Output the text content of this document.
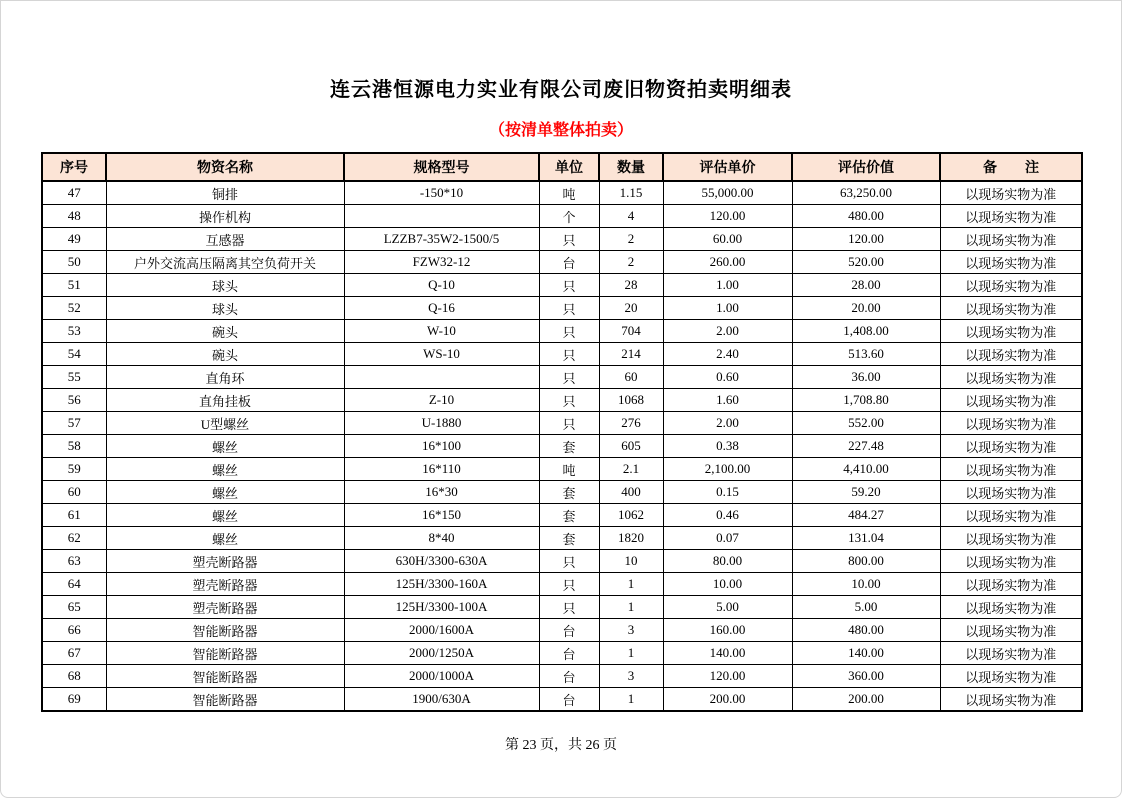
连云港恒源电力实业有限公司废旧物资拍卖明细表
（按清单整体拍卖）
序号	物资名称	规格型号	单位	数量	评估单价	评估价值	备　　注
47	铜排	-150*10	吨	1.15	55,000.00	63,250.00	以现场实物为准
48	操作机构		个	4	120.00	480.00	以现场实物为准
49	互感器	LZZB7-35W2-1500/5	只	2	60.00	120.00	以现场实物为准
50	户外交流高压隔离其空负荷开关	FZW32-12	台	2	260.00	520.00	以现场实物为准
51	球头	Q-10	只	28	1.00	28.00	以现场实物为准
52	球头	Q-16	只	20	1.00	20.00	以现场实物为准
53	碗头	W-10	只	704	2.00	1,408.00	以现场实物为准
54	碗头	WS-10	只	214	2.40	513.60	以现场实物为准
55	直角环		只	60	0.60	36.00	以现场实物为准
56	直角挂板	Z-10	只	1068	1.60	1,708.80	以现场实物为准
57	U型螺丝	U-1880	只	276	2.00	552.00	以现场实物为准
58	螺丝	16*100	套	605	0.38	227.48	以现场实物为准
59	螺丝	16*110	吨	2.1	2,100.00	4,410.00	以现场实物为准
60	螺丝	16*30	套	400	0.15	59.20	以现场实物为准
61	螺丝	16*150	套	1062	0.46	484.27	以现场实物为准
62	螺丝	8*40	套	1820	0.07	131.04	以现场实物为准
63	塑壳断路器	630H/3300-630A	只	10	80.00	800.00	以现场实物为准
64	塑壳断路器	125H/3300-160A	只	1	10.00	10.00	以现场实物为准
65	塑壳断路器	125H/3300-100A	只	1	5.00	5.00	以现场实物为准
66	智能断路器	2000/1600A	台	3	160.00	480.00	以现场实物为准
67	智能断路器	2000/1250A	台	1	140.00	140.00	以现场实物为准
68	智能断路器	2000/1000A	台	3	120.00	360.00	以现场实物为准
69	智能断路器	1900/630A	台	1	200.00	200.00	以现场实物为准
第 23 页，共 26 页
